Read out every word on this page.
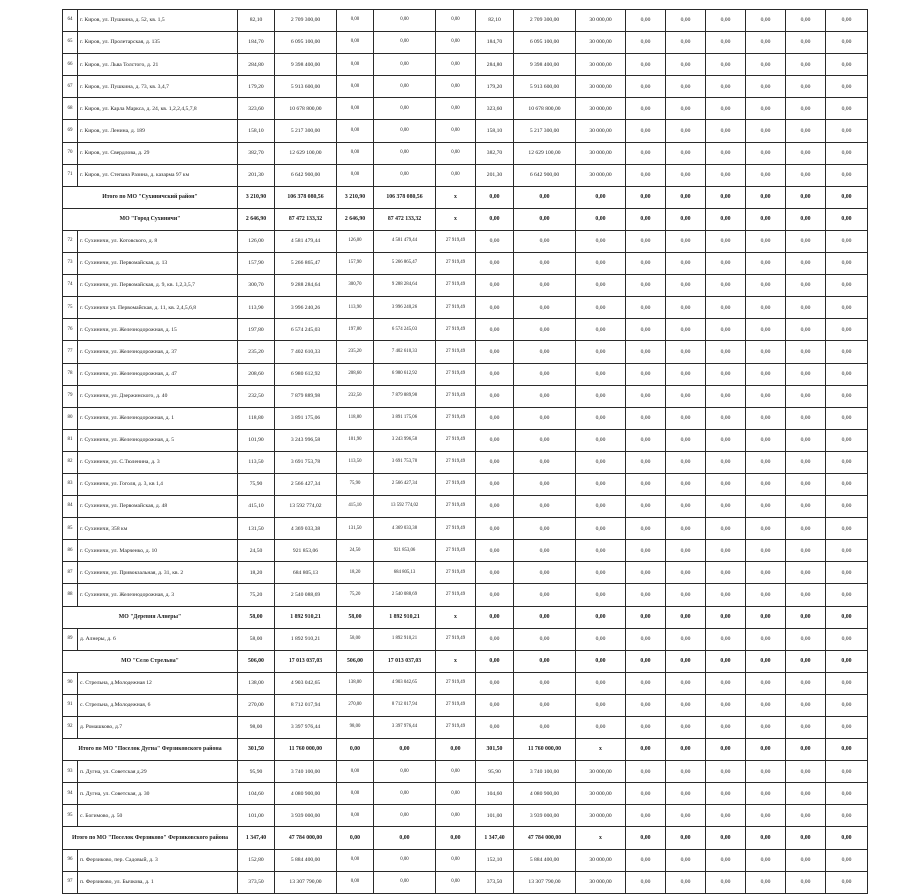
64	г. Киров, ул. Пушкина, д. 52, кв. 1,5	82,10	2 709 300,00	0,00	0,00	0,00	82,10	2 709 300,00	30 000,00	0,00	0,00	0,00	0,00	0,00	0,00
65	г. Киров, ул. Пролетарская, д. 135	184,70	6 095 100,00	0,00	0,00	0,00	184,70	6 095 100,00	30 000,00	0,00	0,00	0,00	0,00	0,00	0,00
66	г. Киров, ул. Льва Толстого, д. 21	284,80	9 398 400,00	0,00	0,00	0,00	284,80	9 398 400,00	30 000,00	0,00	0,00	0,00	0,00	0,00	0,00
67	г. Киров, ул. Пушкина, д. 73, кв. 3,4,7	179,20	5 913 600,00	0,00	0,00	0,00	179,20	5 913 600,00	30 000,00	0,00	0,00	0,00	0,00	0,00	0,00
68	г. Киров, ул. Карла Маркса, д. 24, кв. 1,2,2,4,5,7,8	323,60	10 678 800,00	0,00	0,00	0,00	323,60	10 678 800,00	30 000,00	0,00	0,00	0,00	0,00	0,00	0,00
69	г. Киров, ул. Ленина, д. 189	158,10	5 217 300,00	0,00	0,00	0,00	158,10	5 217 300,00	30 000,00	0,00	0,00	0,00	0,00	0,00	0,00
70	г. Киров, ул. Свердлова, д. 29	382,70	12 629 100,00	0,00	0,00	0,00	382,70	12 629 100,00	30 000,00	0,00	0,00	0,00	0,00	0,00	0,00
71	г. Киров, ул. Степана Разина, д. казарма 97 км	201,30	6 642 900,00	0,00	0,00	0,00	201,30	6 642 900,00	30 000,00	0,00	0,00	0,00	0,00	0,00	0,00
Итого по МО "Сухиничский район"		3 210,90	106 378 080,56	3 210,90	106 378 080,56	х	0,00	0,00	0,00	0,00	0,00	0,00	0,00	0,00	0,00
МО "Город Сухиничи"		2 646,90	87 472 133,32	2 646,90	87 472 133,32	х	0,00	0,00	0,00	0,00	0,00	0,00	0,00	0,00	0,00
72	г. Сухиничи, ул. Котовского, д. 8	126,00	4 581 479,44	126,00	4 581 479,44	27 919,49	0,00	0,00	0,00	0,00	0,00	0,00	0,00	0,00	0,00
73	г. Сухиничи, ул. Первомайская, д. 13	157,90	5 266 865,47	157,90	5 266 865,47	27 919,49	0,00	0,00	0,00	0,00	0,00	0,00	0,00	0,00	0,00
74	г. Сухиничи, ул. Первомайская, д. 9, кв. 1,2,3,5,7	300,70	9 288 284,64	300,70	9 288 284,64	27 919,49	0,00	0,00	0,00	0,00	0,00	0,00	0,00	0,00	0,00
75	г. Сухиничи ул. Первомайская, д. 11, кв. 2,4,5,6,8	113,90	3 996 240,26	113,90	3 996 240,26	27 919,49	0,00	0,00	0,00	0,00	0,00	0,00	0,00	0,00	0,00
76	г. Сухиничи, ул. Железнодорожная, д. 15	197,80	6 574 245,03	197,80	6 574 245,03	27 919,49	0,00	0,00	0,00	0,00	0,00	0,00	0,00	0,00	0,00
77	г. Сухиничи, ул. Железнодорожная, д. 37	235,20	7 402 610,33	235,20	7 402 610,33	27 919,49	0,00	0,00	0,00	0,00	0,00	0,00	0,00	0,00	0,00
78	г. Сухиничи, ул. Железнодорожная, д. 47	208,60	6 980 612,92	208,60	6 980 612,92	27 919,49	0,00	0,00	0,00	0,00	0,00	0,00	0,00	0,00	0,00
79	г. Сухиничи, ул. Дзержинского, д. 40	232,50	7 879 889,98	232,50	7 879 889,98	27 919,49	0,00	0,00	0,00	0,00	0,00	0,00	0,00	0,00	0,00
80	г. Сухиничи, ул. Железнодорожная, д. 1	118,80	3 891 175,06	118,80	3 891 175,06	27 919,49	0,00	0,00	0,00	0,00	0,00	0,00	0,00	0,00	0,00
81	г. Сухиничи, ул. Железнодорожная, д. 5	101,90	3 243 996,58	101,90	3 243 996,58	27 919,49	0,00	0,00	0,00	0,00	0,00	0,00	0,00	0,00	0,00
82	г. Сухиничи, ул. С.Тюленина, д. 3	113,50	3 691 753,78	113,50	3 691 753,78	27 919,49	0,00	0,00	0,00	0,00	0,00	0,00	0,00	0,00	0,00
83	г. Сухиничи, ул. Гоголя, д. 3, кв 1,4	75,90	2 566 427,34	75,90	2 566 427,34	27 919,49	0,00	0,00	0,00	0,00	0,00	0,00	0,00	0,00	0,00
84	г. Сухиничи, ул. Первомайская, д. 48	415,10	13 592 774,02	415,10	13 592 774,02	27 919,49	0,00	0,00	0,00	0,00	0,00	0,00	0,00	0,00	0,00
85	г. Сухиничи, 358 км	131,50	4 369 033,38	131,50	4 369 033,38	27 919,49	0,00	0,00	0,00	0,00	0,00	0,00	0,00	0,00	0,00
86	г. Сухиничи, ул. Марченко, д. 10	24,50	921 853,06	24,50	921 853,06	27 919,49	0,00	0,00	0,00	0,00	0,00	0,00	0,00	0,00	0,00
87	г. Сухиничи, ул. Привокзальная, д. 31, кв. 2	18,20	684 805,13	18,20	684 805,13	27 919,49	0,00	0,00	0,00	0,00	0,00	0,00	0,00	0,00	0,00
88	г. Сухиничи, ул. Железнодорожная, д. 3	75,20	2 540 088,69	75,20	2 540 088,69	27 919,49	0,00	0,00	0,00	0,00	0,00	0,00	0,00	0,00	0,00
МО "Деревня Алнеры"		58,00	1 892 910,21	58,00	1 892 910,21	х	0,00	0,00	0,00	0,00	0,00	0,00	0,00	0,00	0,00
89	д. Алнеры, д. 6	58,00	1 892 910,21	58,00	1 892 910,21	27 919,49	0,00	0,00	0,00	0,00	0,00	0,00	0,00	0,00	0,00
МО "Село Стрельна"		506,00	17 013 037,03	506,00	17 013 037,03	х	0,00	0,00	0,00	0,00	0,00	0,00	0,00	0,00	0,00
90	с. Стрельна, д.Молодежная 12	138,00	4 903 042,65	138,00	4 903 042,65	27 919,49	0,00	0,00	0,00	0,00	0,00	0,00	0,00	0,00	0,00
91	с. Стрельна, д.Молодежная, 6	270,00	8 712 017,94	270,00	8 712 017,94	27 919,49	0,00	0,00	0,00	0,00	0,00	0,00	0,00	0,00	0,00
92	д. Ромашково, д.7	98,00	3 397 976,44	98,00	3 397 976,44	27 919,49	0,00	0,00	0,00	0,00	0,00	0,00	0,00	0,00	0,00
Итого по МО "Поселок Дугна" Ферзиковского района		301,50	11 760 000,00	0,00	0,00	0,00	301,50	11 760 000,00	х	0,00	0,00	0,00	0,00	0,00	0,00
93	п. Дугна, ул. Советская д.29	95,90	3 740 100,00	0,00	0,00	0,00	95,90	3 740 100,00	30 000,00	0,00	0,00	0,00	0,00	0,00	0,00
94	п. Дугна, ул. Советская, д. 30	104,60	4 080 900,00	0,00	0,00	0,00	104,60	4 080 900,00	30 000,00	0,00	0,00	0,00	0,00	0,00	0,00
95	с. Богимово, д. 50	101,00	3 939 000,00	0,00	0,00	0,00	101,00	3 939 000,00	30 000,00	0,00	0,00	0,00	0,00	0,00	0,00
Итого по МО "Поселок Ферзиково" Ферзиковского района		1 347,40	47 784 000,00	0,00	0,00	0,00	1 347,40	47 784 000,00	х	0,00	0,00	0,00	0,00	0,00	0,00
96	п. Ферзиково, пер. Садовый, д. 3	152,80	5 884 400,00	0,00	0,00	0,00	152,10	5 884 400,00	30 000,00	0,00	0,00	0,00	0,00	0,00	0,00
97	п. Ферзиково, ул. Бычкова, д. 1	373,50	13 307 790,00	0,00	0,00	0,00	373,50	13 307 790,00	30 000,00	0,00	0,00	0,00	0,00	0,00	0,00
